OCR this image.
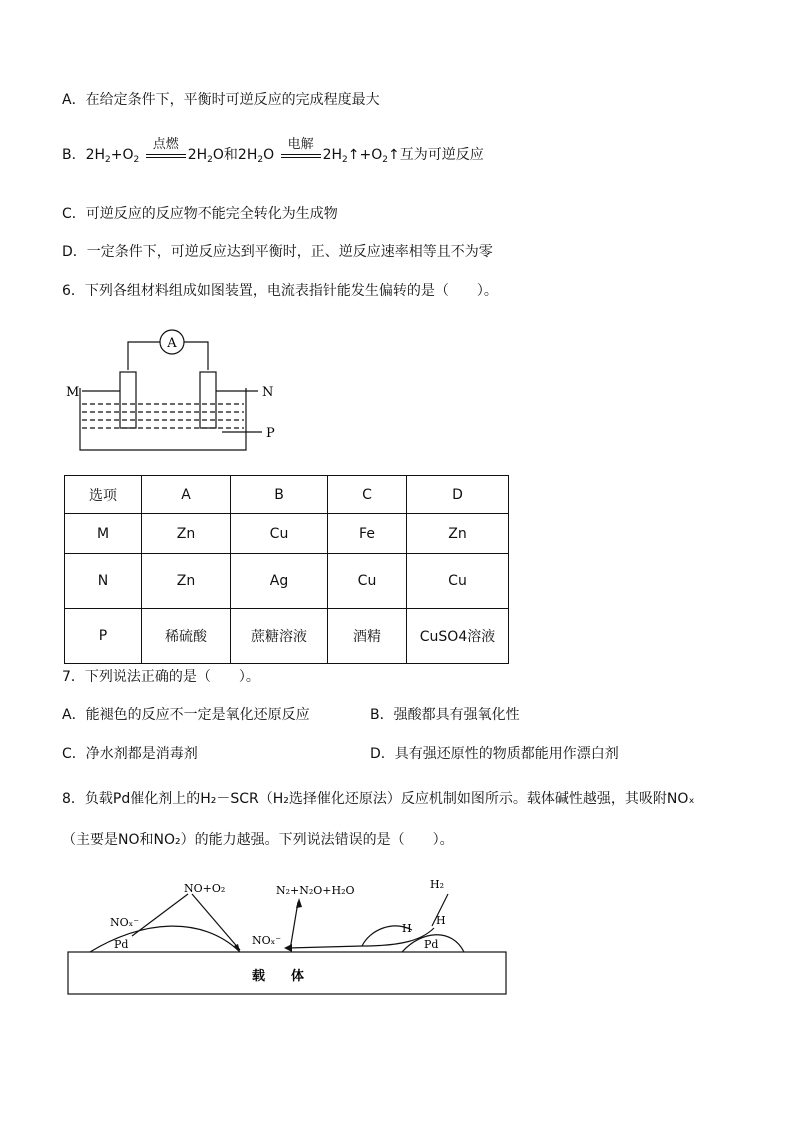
A．在给定条件下，平衡时可逆反应的完成程度最大
B．$2H_2+O_2$
点燃
$2H_2O$和$2H_2O$
电解
$2H_2↑+O_2↑$互为可逆反应
C．可逆反应的反应物不能完全转化为生成物
D．一定条件下，可逆反应达到平衡时，正、逆反应速率相等且不为零
6．下列各组材料组成如图装置，电流表指针能发生偏转的是（　　）。
A
M	N
P
选项	A	B	C	D
M	Zn	Cu	Fe	Zn
N	Zn	Ag	Cu	Cu
P	稀硫酸	蔗糖溶液	酒精	CuSO4溶液
7．下列说法正确的是（　　）。
A．能褪色的反应不一定是氧化还原反应	B．强酸都具有强氧化性
C．净水剂都是消毒剂	D．具有强还原性的物质都能用作漂白剂
8．负载Pd催化剂上的H₂－SCR（H₂选择催化还原法）反应机制如图所示。载体碱性越强，其吸附NOₓ
（主要是NO和NO₂）的能力越强。下列说法错误的是（　　）。
NOₓ⁻
Pd
NO+O₂	N₂+N₂O+H₂O
NOₓ⁻
H₂
H
H
Pd
载　　体
